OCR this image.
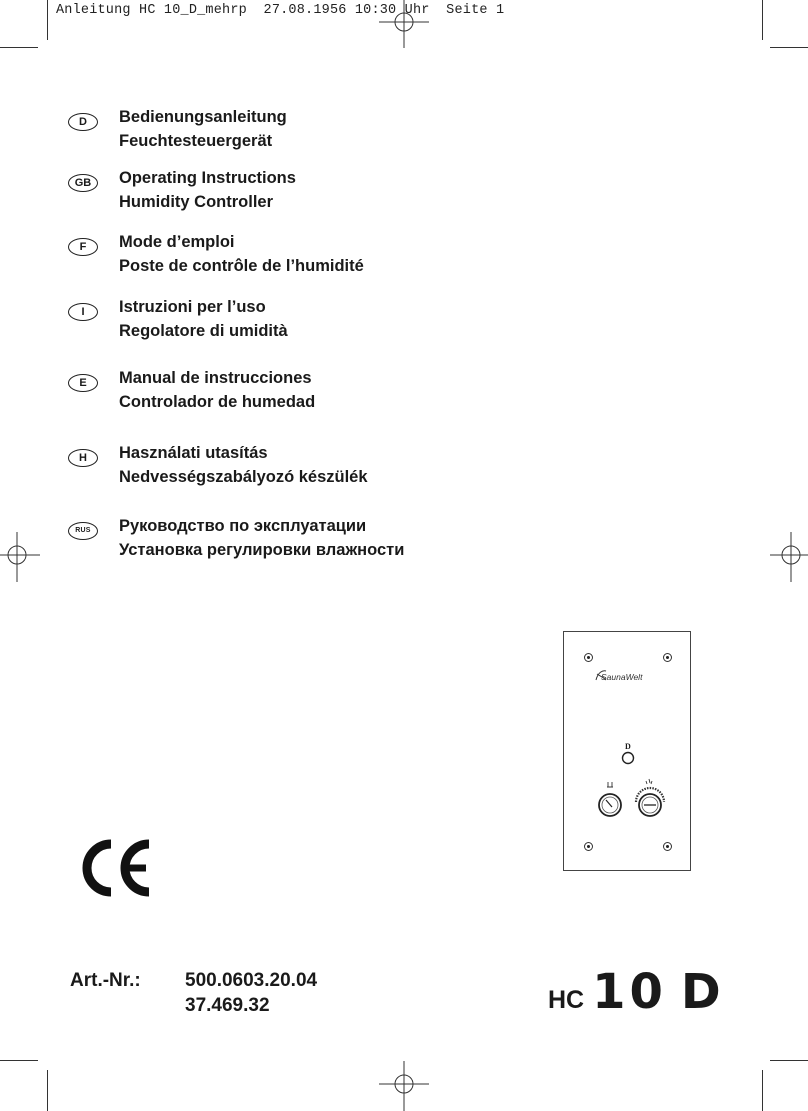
Anleitung HC 10_D_mehrp  27.08.1956 10:30 Uhr  Seite 1
D	Bedienungsanleitung
Feuchtesteuergerät
GB	Operating Instructions
Humidity Controller
F	Mode d’emploi
Poste de contrôle de l’humidité
I	Istruzioni per l’uso
Regolatore di umidità
E	Manual de instrucciones
Controlador de humedad
H	Használati utasítás
Nedvességszabályozó készülék
RUS	Руководство по эксплуатации
Установка регулировки влажности
SaunaWelt
D
Art.-Nr.: 500.0603.20.04
37.469.32	HC 10 D
